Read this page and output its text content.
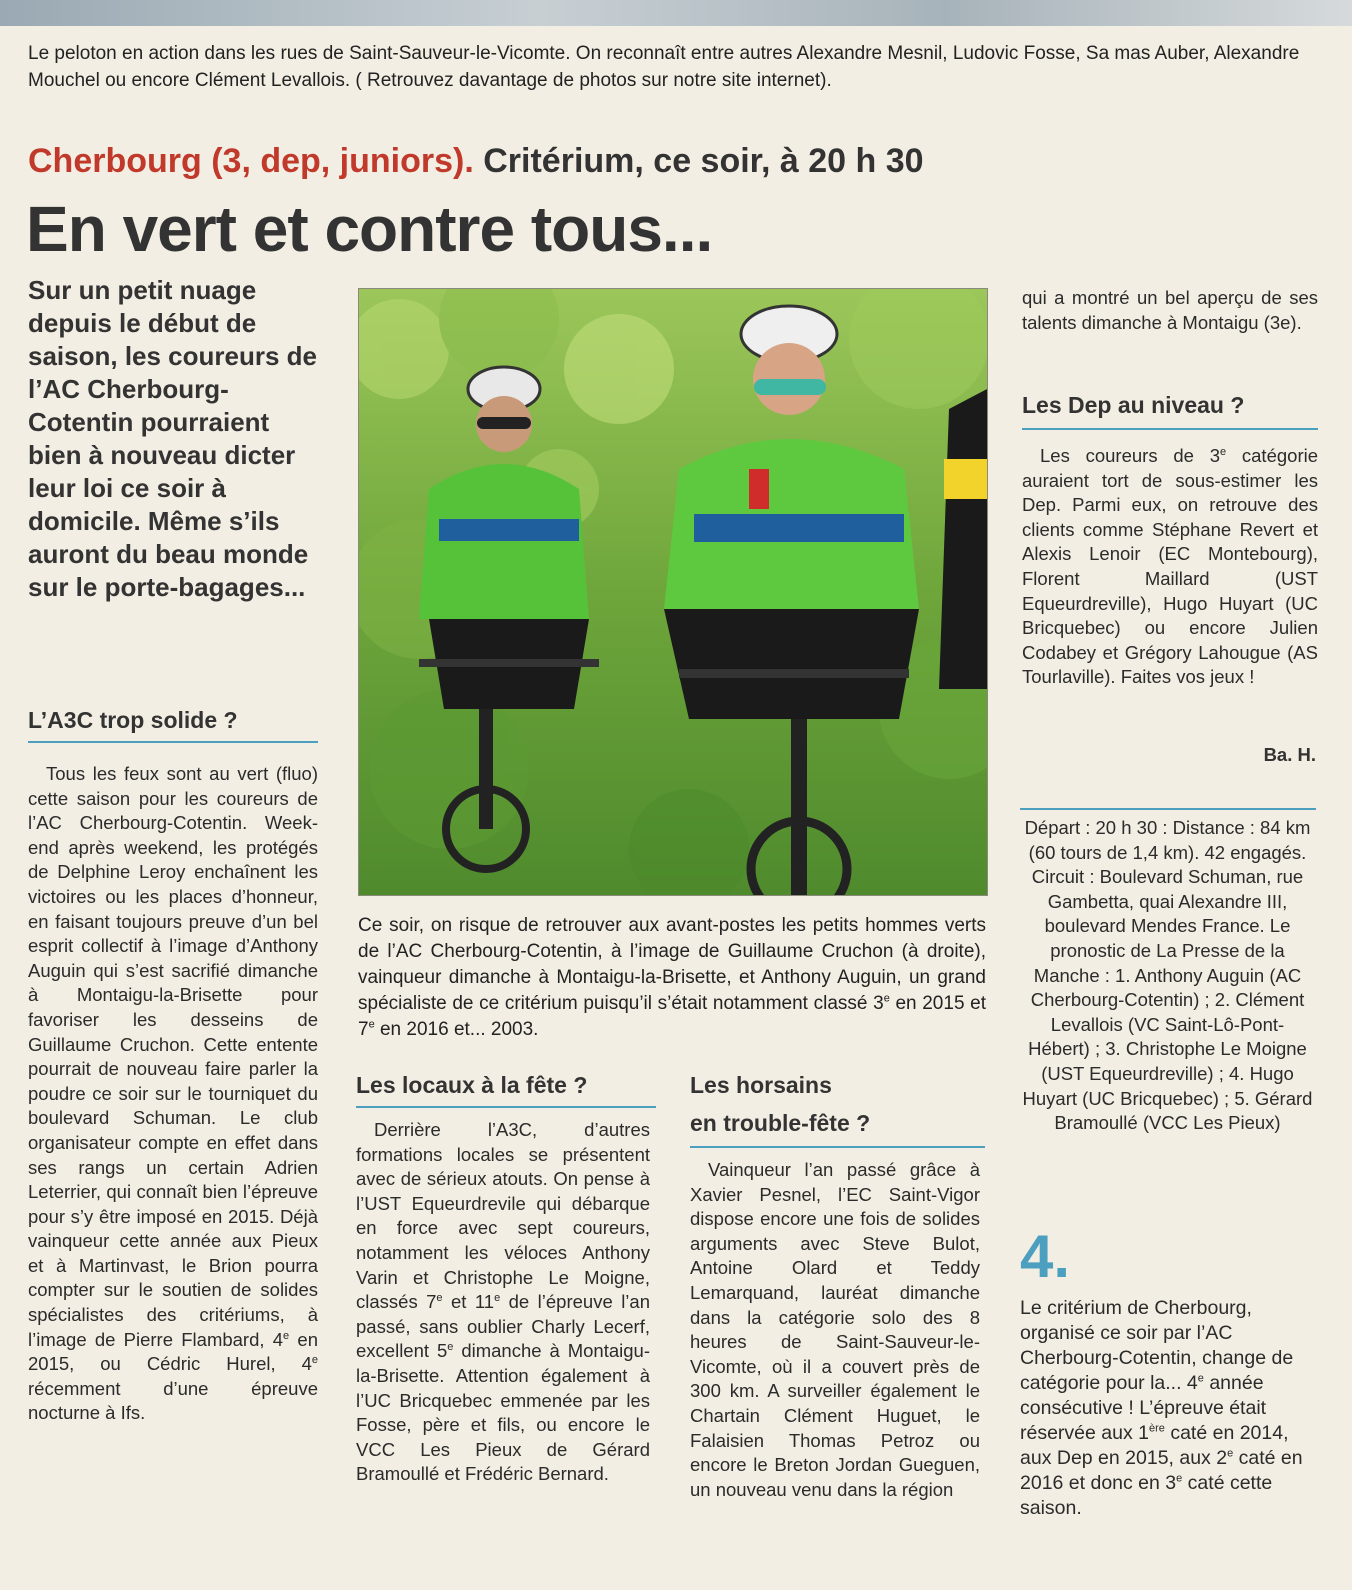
Le peloton en action dans les rues de Saint-Sauveur-le-Vicomte. On reconnaît entre autres Alexandre Mesnil, Ludovic Fosse, Sa mas Auber, Alexandre Mouchel ou encore Clément Levallois. ( Retrouvez davantage de photos sur notre site internet).
Cherbourg (3, dep, juniors). Critérium, ce soir, à 20 h 30
En vert et contre tous...

Sur un petit nuage depuis le début de saison, les coureurs de l’AC Cherbourg-Cotentin pourraient bien à nouveau dicter leur loi ce soir à domicile. Même s’ils auront du beau monde sur le porte-bagages...

L’A3C trop solide ?

Tous les feux sont au vert (fluo) cette saison pour les coureurs de l’AC Cherbourg-Cotentin. Week-end après weekend, les protégés de Delphine Leroy enchaînent les victoires ou les places d’honneur, en faisant toujours preuve d’un bel esprit collectif à l’image d’Anthony Auguin qui s’est sacrifié dimanche à Montaigu-la-Brisette pour favoriser les desseins de Guillaume Cruchon. Cette entente pourrait de nouveau faire parler la poudre ce soir sur le tourniquet du boulevard Schuman. Le club organisateur compte en effet dans ses rangs un certain Adrien Leterrier, qui connaît bien l’épreuve pour s’y être imposé en 2015. Déjà vainqueur cette année aux Pieux et à Martinvast, le Brion pourra compter sur le soutien de solides spécialistes des critériums, à l’image de Pierre Flambard, 4e en 2015, ou Cédric Hurel, 4e récemment d’une épreuve nocturne à Ifs.

Ce soir, on risque de retrouver aux avant-postes les petits hommes verts de l’AC Cherbourg-Cotentin, à l’image de Guillaume Cruchon (à droite), vainqueur dimanche à Montaigu-la-Brisette, et Anthony Auguin, un grand spécialiste de ce critérium puisqu’il s’était notamment classé 3e en 2015 et 7e en 2016 et... 2003.
Les locaux à la fête ?

Derrière l’A3C, d’autres formations locales se présentent avec de sérieux atouts. On pense à l’UST Equeurdrevile qui débarque en force avec sept coureurs, notamment les véloces Anthony Varin et Christophe Le Moigne, classés 7e et 11e de l’épreuve l’an passé, sans oublier Charly Lecerf, excellent 5e dimanche à Montaigu-la-Brisette. Attention également à l’UC Bricquebec emmenée par les Fosse, père et fils, ou encore le VCC Les Pieux de Gérard Bramoullé et Frédéric Bernard.

Les horsains
en trouble-fête ?

Vainqueur l’an passé grâce à Xavier Pesnel, l’EC Saint-Vigor dispose encore une fois de solides arguments avec Steve Bulot, Antoine Olard et Teddy Lemarquand, lauréat dimanche dans la catégorie solo des 8 heures de Saint-Sauveur-le-Vicomte, où il a couvert près de 300 km. A surveiller également le Chartain Clément Huguet, le Falaisien Thomas Petroz ou encore le Breton Jordan Gueguen, un nouveau venu dans la région

qui a montré un bel aperçu de ses talents dimanche à Montaigu (3e).

Les Dep au niveau ?

Les coureurs de 3e catégorie auraient tort de sous-estimer les Dep. Parmi eux, on retrouve des clients comme Stéphane Revert et Alexis Lenoir (EC Montebourg), Florent Maillard (UST Equeurdreville), Hugo Huyart (UC Bricquebec) ou encore Julien Codabey et Grégory Lahougue (AS Tourlaville). Faites vos jeux !

Ba. H.
Départ : 20 h 30 : Distance : 84 km (60 tours de 1,4 km). 42 engagés. Circuit : Boulevard Schuman, rue Gambetta, quai Alexandre III, boulevard Mendes France. Le pronostic de La Presse de la Manche : 1. Anthony Auguin (AC Cherbourg-Cotentin) ; 2. Clément Levallois (VC Saint-Lô-Pont-Hébert) ; 3. Christophe Le Moigne (UST Equeurdreville) ; 4. Hugo Huyart (UC Bricquebec) ; 5. Gérard Bramoullé (VCC Les Pieux)
4.
Le critérium de Cherbourg, organisé ce soir par l’AC Cherbourg-Cotentin, change de catégorie pour la... 4e année consécutive ! L’épreuve était réservée aux 1ère caté en 2014, aux Dep en 2015, aux 2e caté en 2016 et donc en 3e caté cette saison.
